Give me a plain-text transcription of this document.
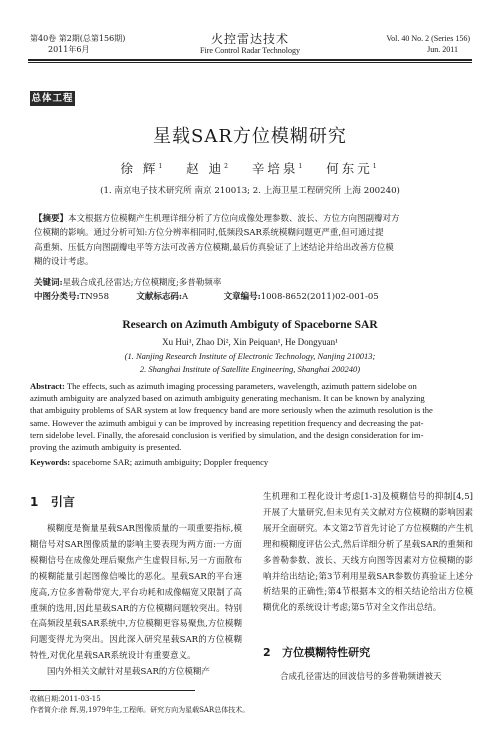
第40卷 第2期(总第156期)
2011年6月
火控雷达技术
Fire Control Radar Technology
Vol. 40 No. 2 (Series 156)
Jun. 2011
总体工程
星载SAR方位模糊研究
徐 辉$^1$ 赵 迪$^2$ 辛培泉$^1$ 何东元$^1$
(1. 南京电子技术研究所 南京 210013; 2. 上海卫星工程研究所 上海 200240)
【摘要】本文根据方位模糊产生机理详细分析了方位向成像处理参数、波长、方位方向图副瓣对方
位模糊的影响。通过分析可知:方位分辨率相同时,低频段SAR系统模糊问题更严重,但可通过提
高重频、压低方向图副瓣电平等方法可改善方位模糊,最后仿真验证了上述结论并给出改善方位模
糊的设计考虑。
关键词:星载合成孔径雷达;方位模糊度;多普勒频率
中图分类号:TN958	文献标志码:A	文章编号:1008-8652(2011)02-001-05
Research on Azimuth Ambiguty of Spaceborne SAR
Xu Hui¹, Zhao Di², Xin Peiquan¹, He Dongyuan¹
(1. Nanjing Research Institute of Electronic Technology, Nanjing 210013;
2. Shanghai Institute of Satellite Engineering, Shanghai 200240)
Abstract: The effects, such as azimuth imaging processing parameters, wavelength, azimuth pattern sidelobe on
azimuth ambiguity are analyzed based on azimuth ambiguity generating mechanism. It can be known by analyzing
that ambiguity problems of SAR system at low frequency band are more seriously when the azimuth resolution is the
same. However the azimuth ambigui y can be improved by increasing repetition frequency and decreasing the pat-
tern sidelobe level. Finally, the aforesaid conclusion is verified by simulation, and the design consideration for im-
proving the azimuth ambiguity is presented.
Keywords: spaceborne SAR; azimuth ambiguity; Doppler frequency
1 引言

模糊度是衡量星载SAR图像质量的一项重要指标,模糊信号对SAR图像质量的影响主要表现为两方面:一方面模糊信号在成像处理后聚焦产生虚假目标,另一方面散布的模糊能量引起图像信噪比的恶化。星载SAR的平台速度高,方位多普勒带宽大,平台功耗和成像幅宽又限制了高重频的选用,因此星载SAR的方位模糊问题较突出。特别在高频段星载SAR系统中,方位模糊更容易聚焦,方位模糊问题变得尤为突出。因此深入研究星载SAR的方位模糊特性,对优化星载SAR系统设计有重要意义。

国内外相关文献针对星载SAR的方位模糊产

生机理和工程化设计考虑[1-3]及模糊信号的抑制[4,5]开展了大量研究,但未见有关文献对方位模糊的影响因素展开全面研究。本文第2节首先讨论了方位模糊的产生机理和模糊度评估公式,然后详细分析了星载SAR的重频和多普勒参数、波长、天线方向图等因素对方位模糊的影响并给出结论;第3节利用星载SAR参数仿真验证上述分析结果的正确性;第4节根据本文的相关结论给出方位模糊优化的系统设计考虑;第5节对全文作出总结。

2 方位模糊特性研究

合成孔径雷达的回波信号的多普勒频谱被天

收稿日期:2011-03-15
作者简介:徐 辉,男,1979年生,工程师。研究方向为星载SAR总体技术。
